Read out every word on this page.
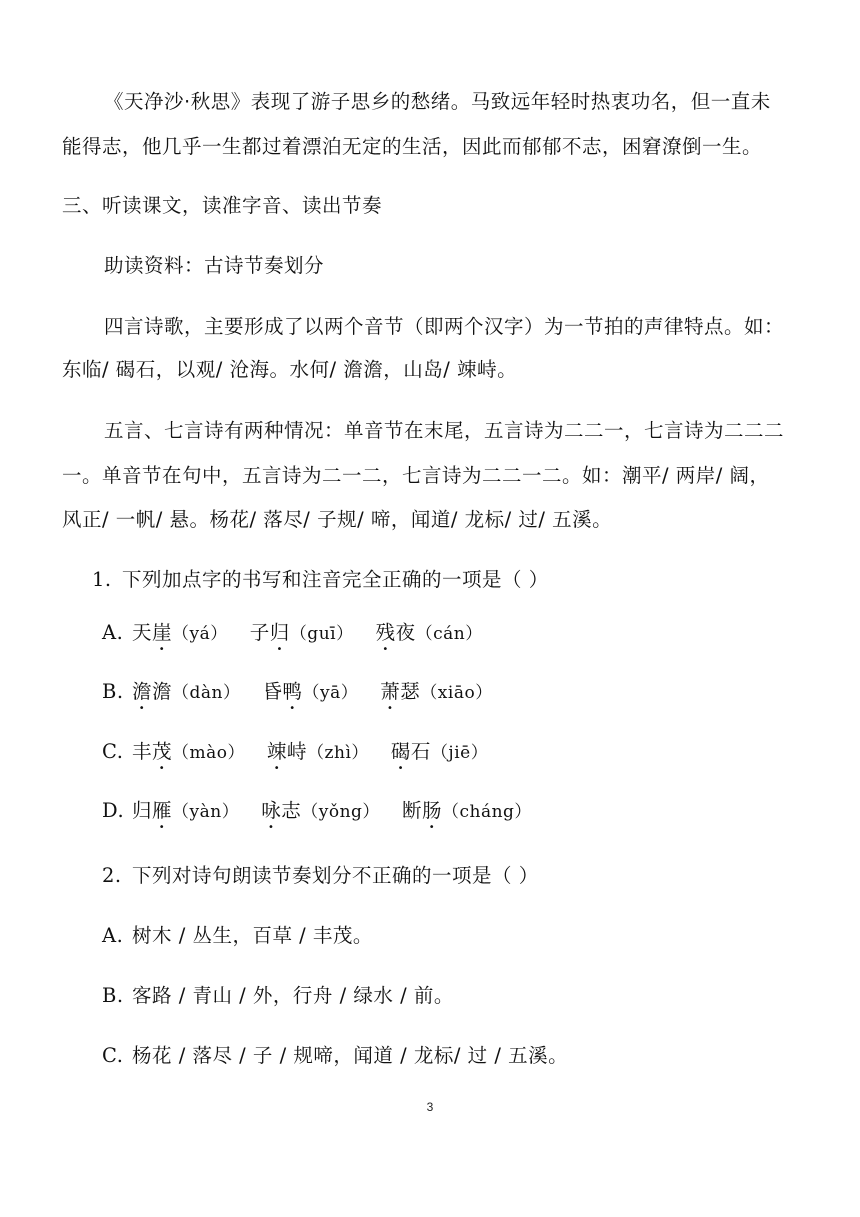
《天净沙·秋思》表现了游子思乡的愁绪。马致远年轻时热衷功名，但一直未
能得志，他几乎一生都过着漂泊无定的生活，因此而郁郁不志，困窘潦倒一生。
三、听读课文，读准字音、读出节奏
助读资料：古诗节奏划分
四言诗歌，主要形成了以两个音节（即两个汉字）为一节拍的声律特点。如：
东临/ 碣石，以观/ 沧海。水何/ 澹澹，山岛/ 竦峙。
五言、七言诗有两种情况：单音节在末尾，五言诗为二二一，七言诗为二二二
一。单音节在句中，五言诗为二一二，七言诗为二二一二。如：潮平/ 两岸/ 阔，
风正/ 一帆/ 悬。杨花/ 落尽/ 子规/ 啼，闻道/ 龙标/ 过/ 五溪。
1. 下列加点字的书写和注音完全正确的一项是（ ）
A. 天崖（yá） 子归（guī） 残夜（cán）
B. 澹澹（dàn） 昏鸭（yā） 萧瑟（xiāo）
C. 丰茂（mào） 竦峙（zhì） 碣石（jiē）
D. 归雁（yàn） 咏志（yǒng） 断肠（cháng）
2. 下列对诗句朗读节奏划分不正确的一项是（ ）
A. 树木 / 丛生，百草 / 丰茂。
B. 客路 / 青山 / 外，行舟 / 绿水 / 前。
C. 杨花 / 落尽 / 子 / 规啼，闻道 / 龙标/ 过 / 五溪。
3
